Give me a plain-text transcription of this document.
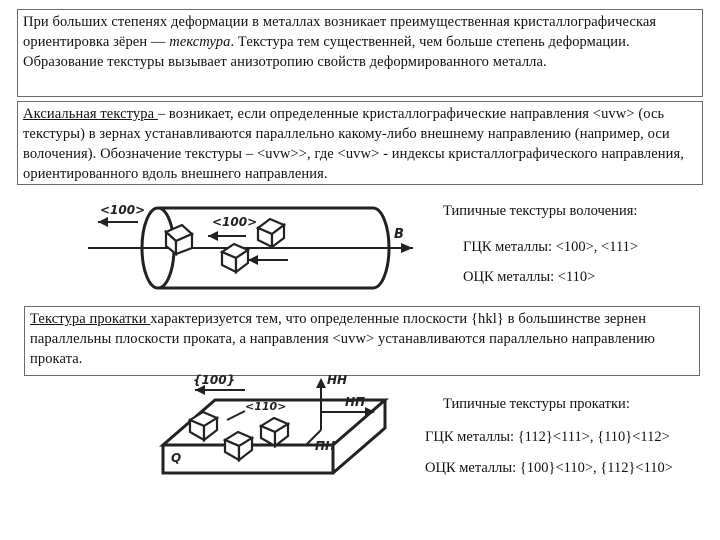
При больших степенях деформации в металлах возникает преимущественная кристаллографическая ориентировка зёрен — текстура. Текстура тем существенней, чем больше степень деформации. Образование текстуры вызывает анизотропию свойств деформированного металла.
Аксиальная текстура – возникает, если определенные кристаллографические направления <uvw> (ось текстуры) в зернах устанавливаются параллельно какому-либо внешнему направлению (например, оси волочения). Обозначение текстуры – <uvw>>, где <uvw> - индексы кристаллографического направления, ориентированного вдоль внешнего направления.
<100>
<100>
В
Типичные текстуры волочения:
ГЦК металлы: <100>, <111>
ОЦК металлы: <110>
Текстура прокатки характеризуется тем, что определенные плоскости {hkl} в большинстве зернен параллельны плоскости проката, а направления <uvw> устанавливаются параллельно направлению проката.
{100}
<110>
НН
НП
ПН
Q
Типичные текстуры прокатки:
ГЦК металлы: {112}<111>, {110}<112>
ОЦК металлы: {100}<110>, {112}<110>
